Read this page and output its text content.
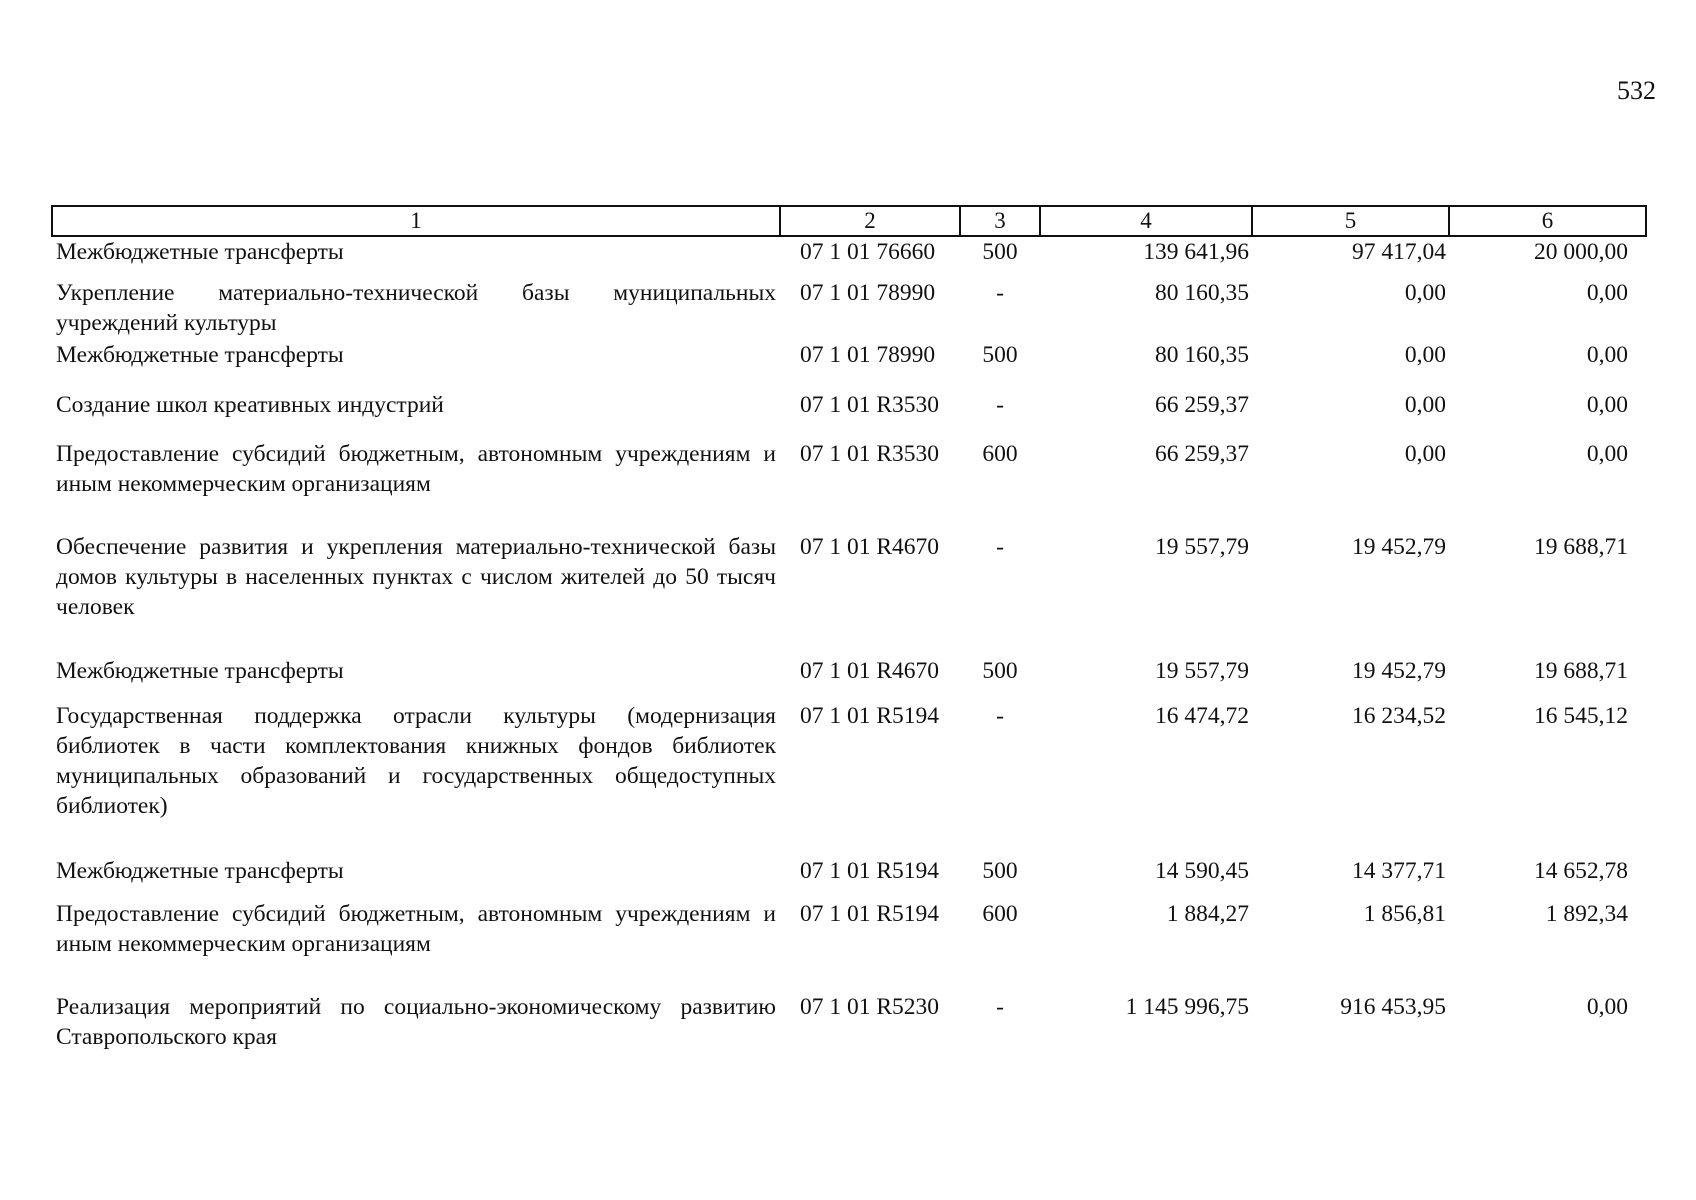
532
1	2	3	4	5	6
Межбюджетные трансферты	07 1 01 76660	500	139 641,96	97 417,04	20 000,00
Укрепление материально-технической базы муниципальных учреждений культуры	07 1 01 78990	-	80 160,35	0,00	0,00
Межбюджетные трансферты	07 1 01 78990	500	80 160,35	0,00	0,00
Создание школ креативных индустрий	07 1 01 R3530	-	66 259,37	0,00	0,00
Предоставление субсидий бюджетным, автономным учреждениям и иным некоммерческим организациям	07 1 01 R3530	600	66 259,37	0,00	0,00
Обеспечение развития и укрепления материально-технической базы домов культуры в населенных пунктах с числом жителей до 50 тысяч человек	07 1 01 R4670	-	19 557,79	19 452,79	19 688,71
Межбюджетные трансферты	07 1 01 R4670	500	19 557,79	19 452,79	19 688,71
Государственная поддержка отрасли культуры (модернизация библиотек в части комплектования книжных фондов библиотек муниципальных образований и государственных общедоступных библиотек)	07 1 01 R5194	-	16 474,72	16 234,52	16 545,12
Межбюджетные трансферты	07 1 01 R5194	500	14 590,45	14 377,71	14 652,78
Предоставление субсидий бюджетным, автономным учреждениям и иным некоммерческим организациям	07 1 01 R5194	600	1 884,27	1 856,81	1 892,34
Реализация мероприятий по социально-экономическому развитию Ставропольского края	07 1 01 R5230	-	1 145 996,75	916 453,95	0,00
